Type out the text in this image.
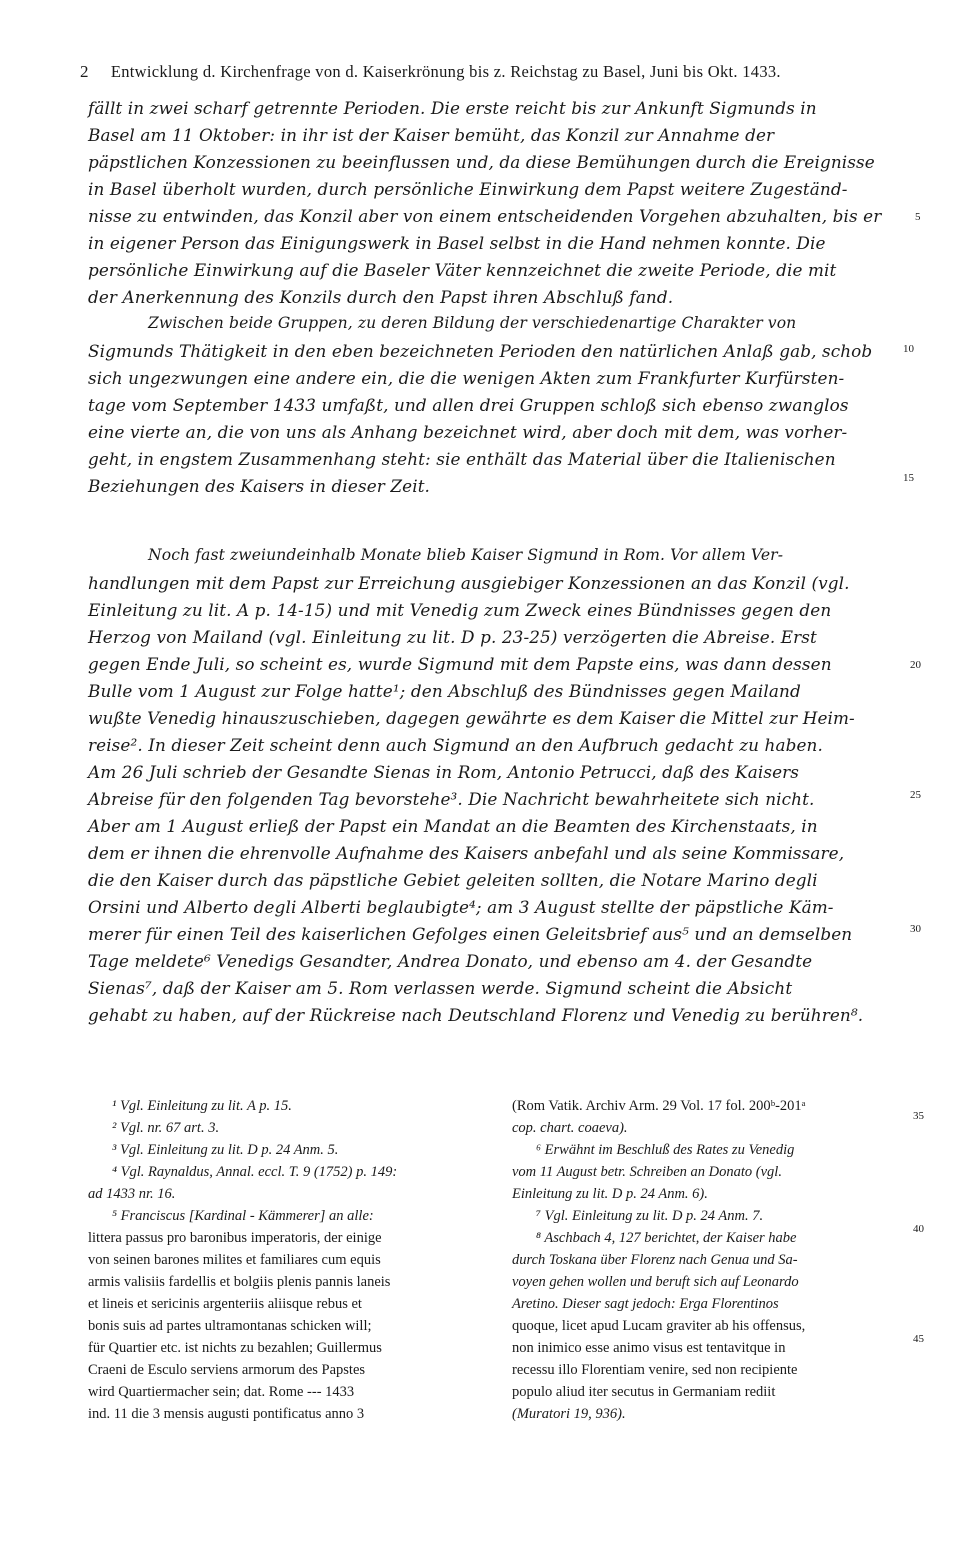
2 Entwicklung d. Kirchenfrage von d. Kaiserkrönung bis z. Reichstag zu Basel, Juni bis Okt. 1433.
fällt in zwei scharf getrennte Perioden. Die erste reicht bis zur Ankunft Sigmunds in
Basel am 11 Oktober: in ihr ist der Kaiser bemüht, das Konzil zur Annahme der
päpstlichen Konzessionen zu beeinflussen und, da diese Bemühungen durch die Ereignisse
in Basel überholt wurden, durch persönliche Einwirkung dem Papst weitere Zugeständ-
nisse zu entwinden, das Konzil aber von einem entscheidenden Vorgehen abzuhalten, bis er
in eigener Person das Einigungswerk in Basel selbst in die Hand nehmen konnte. Die
persönliche Einwirkung auf die Baseler Väter kennzeichnet die zweite Periode, die mit
der Anerkennung des Konzils durch den Papst ihren Abschluß fand.
Zwischen beide Gruppen, zu deren Bildung der verschiedenartige Charakter von
Sigmunds Thätigkeit in den eben bezeichneten Perioden den natürlichen Anlaß gab, schob
sich ungezwungen eine andere ein, die die wenigen Akten zum Frankfurter Kurfürsten-
tage vom September 1433 umfaßt, und allen drei Gruppen schloß sich ebenso zwanglos
eine vierte an, die von uns als Anhang bezeichnet wird, aber doch mit dem, was vorher-
geht, in engstem Zusammenhang steht: sie enthält das Material über die Italienischen
Beziehungen des Kaisers in dieser Zeit.
Noch fast zweiundeinhalb Monate blieb Kaiser Sigmund in Rom. Vor allem Ver-
handlungen mit dem Papst zur Erreichung ausgiebiger Konzessionen an das Konzil (vgl.
Einleitung zu lit. A p. 14-15) und mit Venedig zum Zweck eines Bündnisses gegen den
Herzog von Mailand (vgl. Einleitung zu lit. D p. 23-25) verzögerten die Abreise. Erst
gegen Ende Juli, so scheint es, wurde Sigmund mit dem Papste eins, was dann dessen
Bulle vom 1 August zur Folge hatte¹; den Abschluß des Bündnisses gegen Mailand
wußte Venedig hinauszuschieben, dagegen gewährte es dem Kaiser die Mittel zur Heim-
reise². In dieser Zeit scheint denn auch Sigmund an den Aufbruch gedacht zu haben.
Am 26 Juli schrieb der Gesandte Sienas in Rom, Antonio Petrucci, daß des Kaisers
Abreise für den folgenden Tag bevorstehe³. Die Nachricht bewahrheitete sich nicht.
Aber am 1 August erließ der Papst ein Mandat an die Beamten des Kirchenstaats, in
dem er ihnen die ehrenvolle Aufnahme des Kaisers anbefahl und als seine Kommissare,
die den Kaiser durch das päpstliche Gebiet geleiten sollten, die Notare Marino degli
Orsini und Alberto degli Alberti beglaubigte⁴; am 3 August stellte der päpstliche Käm-
merer für einen Teil des kaiserlichen Gefolges einen Geleitsbrief aus⁵ und an demselben
Tage meldete⁶ Venedigs Gesandter, Andrea Donato, und ebenso am 4. der Gesandte
Sienas⁷, daß der Kaiser am 5. Rom verlassen werde. Sigmund scheint die Absicht
gehabt zu haben, auf der Rückreise nach Deutschland Florenz und Venedig zu berühren⁸.
5
10
15
20
25
30
35
40
45
¹ Vgl. Einleitung zu lit. A p. 15.
² Vgl. nr. 67 art. 3.
³ Vgl. Einleitung zu lit. D p. 24 Anm. 5.
⁴ Vgl. Raynaldus, Annal. eccl. T. 9 (1752) p. 149:
ad 1433 nr. 16.
⁵ Franciscus [Kardinal - Kämmerer] an alle:
littera passus pro baronibus imperatoris, der einige
von seinen barones milites et familiares cum equis
armis valisiis fardellis et bolgiis plenis pannis laneis
et lineis et sericinis argenteriis aliisque rebus et
bonis suis ad partes ultramontanas schicken will;
für Quartier etc. ist nichts zu bezahlen; Guillermus
Craeni de Esculo serviens armorum des Papstes
wird Quartiermacher sein; dat. Rome --- 1433
ind. 11 die 3 mensis augusti pontificatus anno 3
(Rom Vatik. Archiv Arm. 29 Vol. 17 fol. 200ᵇ-201ᵃ
cop. chart. coaeva).
⁶ Erwähnt im Beschluß des Rates zu Venedig
vom 11 August betr. Schreiben an Donato (vgl.
Einleitung zu lit. D p. 24 Anm. 6).
⁷ Vgl. Einleitung zu lit. D p. 24 Anm. 7.
⁸ Aschbach 4, 127 berichtet, der Kaiser habe
durch Toskana über Florenz nach Genua und Sa-
voyen gehen wollen und beruft sich auf Leonardo
Aretino. Dieser sagt jedoch: Erga Florentinos
quoque, licet apud Lucam graviter ab his offensus,
non inimico esse animo visus est tentavitque in
recessu illo Florentiam venire, sed non recipiente
populo aliud iter secutus in Germaniam rediit
(Muratori 19, 936).
